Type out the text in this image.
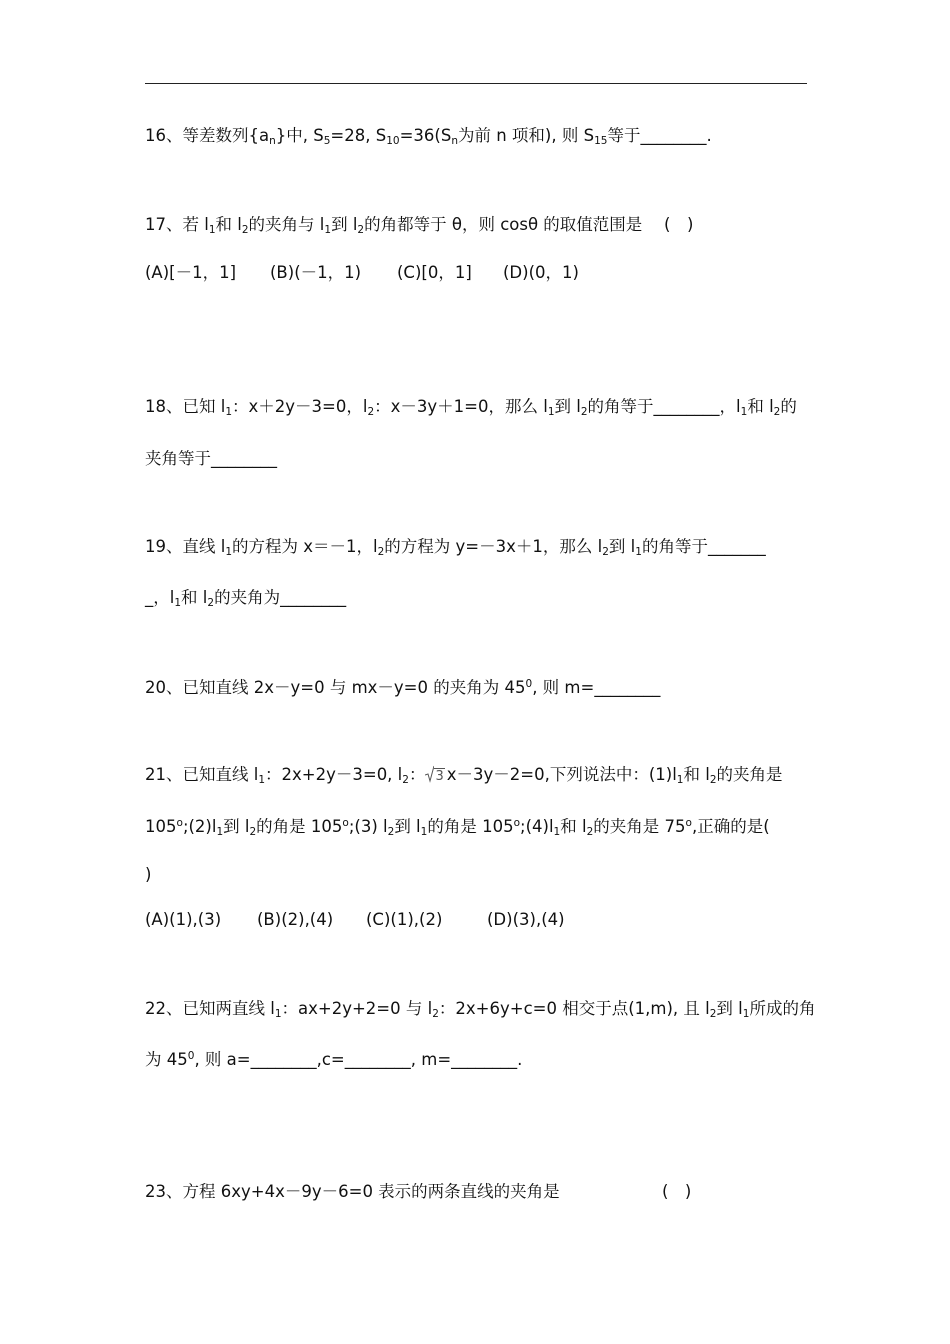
16、等差数列$\{a_n\}$中, $S_5=28$, $S_{10}=36(S_n$为前 n 项和), 则 $S_{15}$等于________.
17、若 $l_1$和 $l_2$的夹角与 $l_1$到 $l_2$的角都等于 θ，则 cosθ 的取值范围是　 (　)
(A)[－1，1] (B)(－1，1) (C)[0，1] (D)(0，1)
18、已知 $l_1$：x＋2y－3=0，$l_2$：x－3y＋1=0，那么 $l_1$到 $l_2$的角等于________，$l_1$和 $l_2$的
夹角等于________
19、直线 $l_1$的方程为 x＝－1，$l_2$的方程为 y=－3x＋1，那么 $l_2$到 $l_1$的角等于_______
_，$l_1$和 $l_2$的夹角为________
20、已知直线 2x－y=0 与 mx－y=0 的夹角为 $45^0$, 则 m=________
21、已知直线 $l_1$：2x+2y－3=0, $l_2$： 3 x－3y－2=0,下列说法中：$(1)l_1$和 $l_2$的夹角是
$105^o;(2)l_1$到 $l_2$的角是 105$^o$;(3) $l_2$到 $l_1$的角是 $105^o;(4)l_1$和 $l_2$的夹角是 75$^o$,正确的是(
)
(A)(1),(3) (B)(2),(4) (C)(1),(2)	(D)(3),(4)
22、已知两直线 $l_1$：ax+2y+2=0 与 $l_2$：2x+6y+c=0 相交于点(1,m), 且 $l_2$到 $l_1$所成的角
为 $45^0$, 则 a=________,c=________, m=________.
23、方程 6xy+4x－9y－6=0 表示的两条直线的夹角是	(　)
